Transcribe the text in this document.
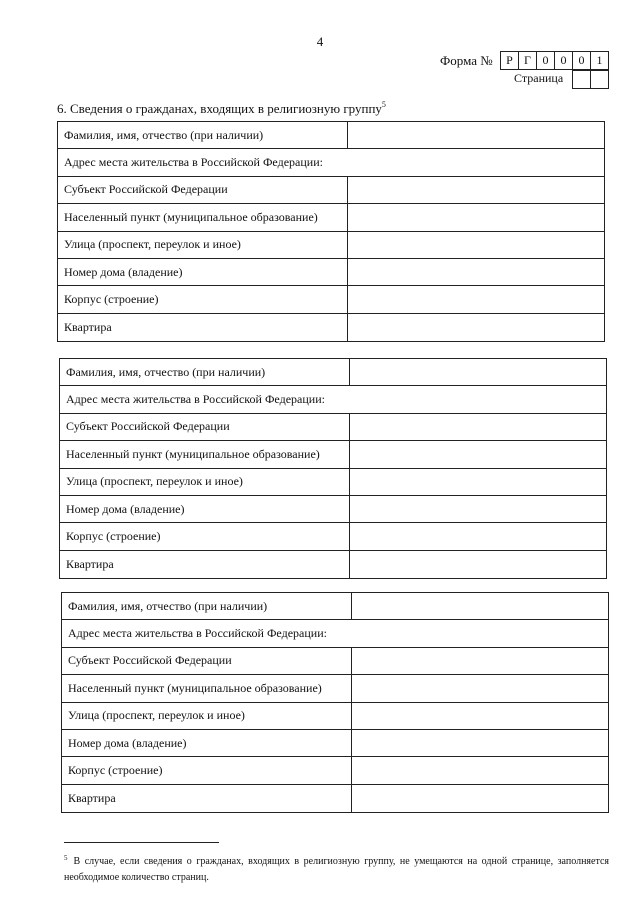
4
Форма №	Р Г 0	0	0	1
Страница
6. Сведения о гражданах, входящих в религиозную группу$^5$
Фамилия, имя, отчество (при наличии)
Адрес места жительства в Российской Федерации:
Субъект Российской Федерации
Населенный пункт (муниципальное образование)
Улица (проспект, переулок и иное)
Номер дома (владение)
Корпус (строение)
Квартира
Фамилия, имя, отчество (при наличии)
Адрес места жительства в Российской Федерации:
Субъект Российской Федерации
Населенный пункт (муниципальное образование)
Улица (проспект, переулок и иное)
Номер дома (владение)
Корпус (строение)
Квартира
Фамилия, имя, отчество (при наличии)
Адрес места жительства в Российской Федерации:
Субъект Российской Федерации
Населенный пункт (муниципальное образование)
Улица (проспект, переулок и иное)
Номер дома (владение)
Корпус (строение)
Квартира
$^5$ В случае, если сведения о гражданах, входящих в религиозную группу, не умещаются на одной странице, заполняется необходимое количество страниц.
